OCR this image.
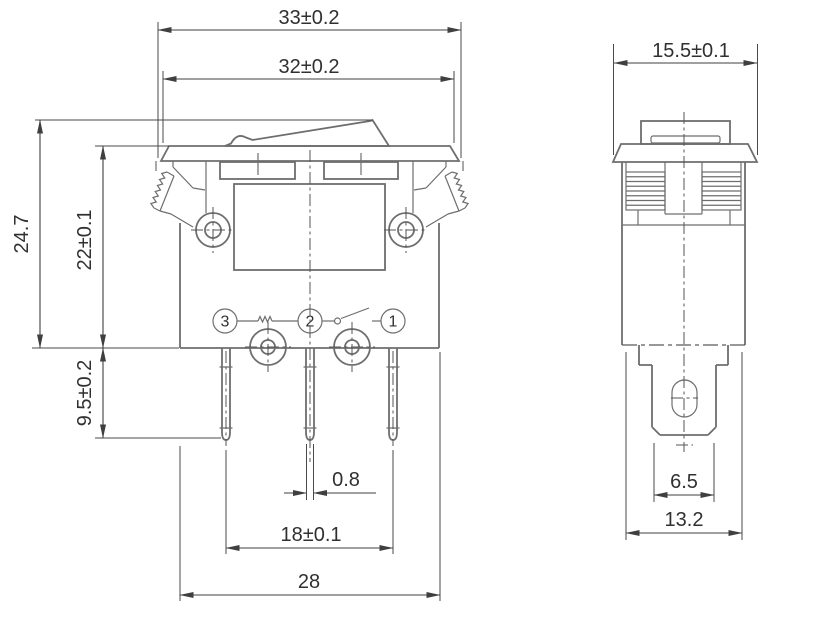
3	2	1
33±0.2
32±0.2
24.7 22±0.1
9.5±0.2
0.8
18±0.1
28
15.5±0.1
6.5
13.2
